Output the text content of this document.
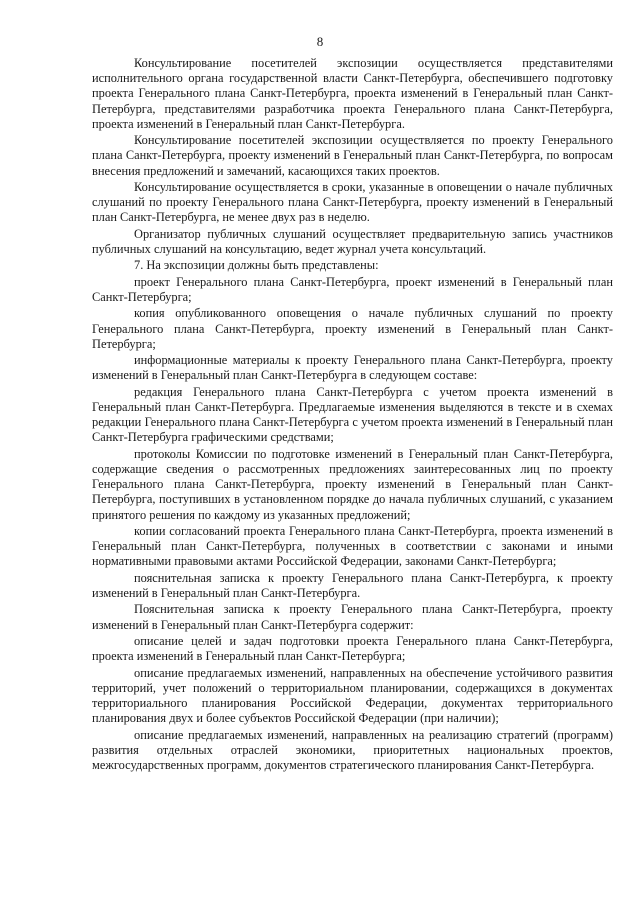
8

Консультирование посетителей экспозиции осуществляется представителями исполнительного органа государственной власти Санкт-Петербурга, обеспечившего подготовку проекта Генерального плана Санкт-Петербурга, проекта изменений в Генеральный план Санкт-Петербурга, представителями разработчика проекта Генерального плана Санкт-Петербурга, проекта изменений в Генеральный план Санкт-Петербурга.

Консультирование посетителей экспозиции осуществляется по проекту Генерального плана Санкт-Петербурга, проекту изменений в Генеральный план Санкт-Петербурга, по вопросам внесения предложений и замечаний, касающихся таких проектов.

Консультирование осуществляется в сроки, указанные в оповещении о начале публичных слушаний по проекту Генерального плана Санкт-Петербурга, проекту изменений в Генеральный план Санкт-Петербурга, не менее двух раз в неделю.

Организатор публичных слушаний осуществляет предварительную запись участников публичных слушаний на консультацию, ведет журнал учета консультаций.

7. На экспозиции должны быть представлены:

проект Генерального плана Санкт-Петербурга, проект изменений в Генеральный план Санкт-Петербурга;

копия опубликованного оповещения о начале публичных слушаний по проекту Генерального плана Санкт-Петербурга, проекту изменений в Генеральный план Санкт-Петербурга;

информационные материалы к проекту Генерального плана Санкт-Петербурга, проекту изменений в Генеральный план Санкт-Петербурга в следующем составе:

редакция Генерального плана Санкт-Петербурга с учетом проекта изменений в Генеральный план Санкт-Петербурга. Предлагаемые изменения выделяются в тексте и в схемах редакции Генерального плана Санкт-Петербурга с учетом проекта изменений в Генеральный план Санкт-Петербурга графическими средствами;

протоколы Комиссии по подготовке изменений в Генеральный план Санкт-Петербурга, содержащие сведения о рассмотренных предложениях заинтересованных лиц по проекту Генерального плана Санкт-Петербурга, проекту изменений в Генеральный план Санкт-Петербурга, поступивших в установленном порядке до начала публичных слушаний, с указанием принятого решения по каждому из указанных предложений;

копии согласований проекта Генерального плана Санкт-Петербурга, проекта изменений в Генеральный план Санкт-Петербурга, полученных в соответствии с законами и иными нормативными правовыми актами Российской Федерации, законами Санкт-Петербурга;

пояснительная записка к проекту Генерального плана Санкт-Петербурга, к проекту изменений в Генеральный план Санкт-Петербурга.

Пояснительная записка к проекту Генерального плана Санкт-Петербурга, проекту изменений в Генеральный план Санкт-Петербурга содержит:

описание целей и задач подготовки проекта Генерального плана Санкт-Петербурга, проекта изменений в Генеральный план Санкт-Петербурга;

описание предлагаемых изменений, направленных на обеспечение устойчивого развития территорий, учет положений о территориальном планировании, содержащихся в документах территориального планирования Российской Федерации, документах территориального планирования двух и более субъектов Российской Федерации (при наличии);

описание предлагаемых изменений, направленных на реализацию стратегий (программ) развития отдельных отраслей экономики, приоритетных национальных проектов, межгосударственных программ, документов стратегического планирования Санкт-Петербурга.
